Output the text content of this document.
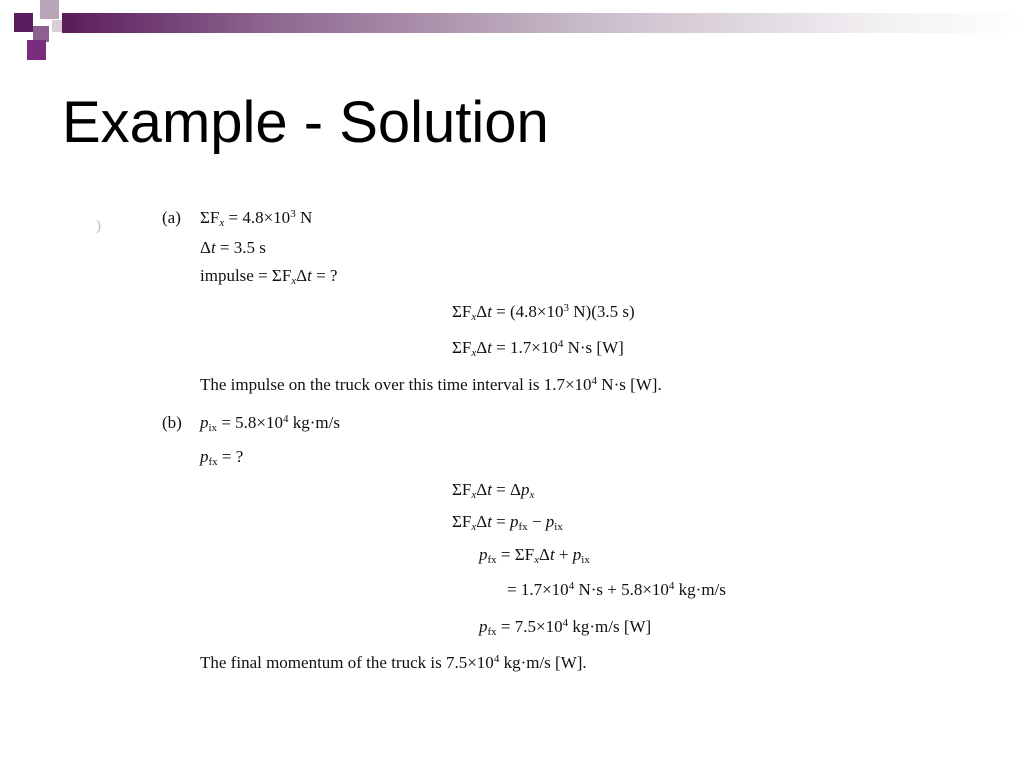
Example - Solution
)	(a) $\Sigma F_x = 4.8\times 10^3$ N
Δt = 3.5 s
impulse = $\Sigma F_x\Delta t$ = ?
$\Sigma F_x\Delta t = (4.8\times 10^3$ N)(3.5 s)
$\Sigma F_x\Delta t = 1.7\times 10^4$ N·s [W]
The impulse on the truck over this time interval is $1.7\times 10^4$ N·s [W].
(b) $p_{ix} = 5.8\times 10^4$ kg·m/s
$p_{fx}$ = ?
$\Sigma F_x\Delta t = \Delta p_x$
$\Sigma F_x\Delta t = p_{fx} - p_{ix}$
$p_{fx} = \Sigma F_x\Delta t + p_{ix}$
= $1.7\times 10^4$ $N\cdot s + 5.8\times 10^4$ kg·m/s
$p_{fx} = 7.5\times 10^4$ kg·m/s [W]
The final momentum of the truck is $7.5\times 10^4$ kg·m/s [W].
